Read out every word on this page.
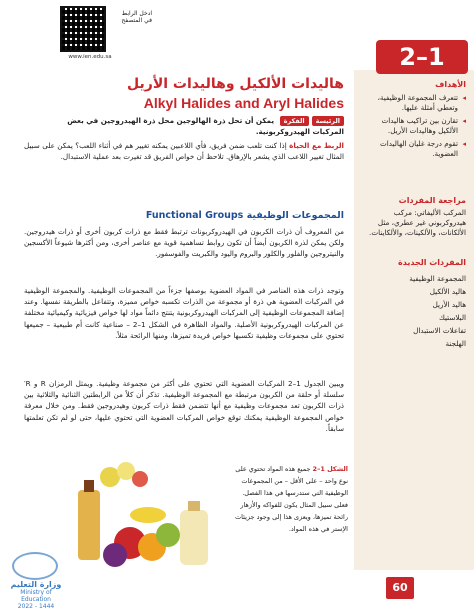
ادخل الرابط في المتصفح
www.ien.edu.sa	2–1
الأهداف
◂ تتعرف المجموعة الوظيفية، وتعطي أمثلة عليها.
◂ تقارن بين تراكيب هاليدات الألكيل وهاليدات الأريل.
◂ تقوم درجة غليان الهاليدات العضوية.
مراجعة المفردات
المركب الأليفاتي: مركب هيدروكربوني غير عطري، مثل الألكانات، والألكينات، والألكاينات.
المفردات الجديدة
المجموعة الوظيفية
هاليد الألكيل
هاليد الأريل
البلاستيك
تفاعلات الاستبدال
الهلجنة
هاليدات الألكيل وهاليدات الأريل
Alkyl Halides and Aryl Halides
الرئيسةالفكرة يمكن أن تحل ذرة الهالوجين محل ذرة الهيدروجين في بعض المركبات الهيدروكربونية.
الربط مع الحياة إذا كنت تلعب ضمن فريق، فأي اللاعبين يمكنه تغيير هم في أثناء اللعب؟ يمكن على سبيل المثال تغيير اللاعب الذي يشعر بالإرهاق. تلاحظ أن خواص الفريق قد تغيرت بعد عملية الاستبدال.
المجموعات الوظيفية Functional Groups
من المعروف أن ذرات الكربون في الهيدروكربونات ترتبط فقط مع ذرات كربون أخرى أو ذرات هيدروجين. ولكن يمكن لذرة الكربون أيضاً أن تكون روابط تساهمية قوية مع عناصر أخرى، ومن أكثرها شيوعاً الأكسجين والنيتروجين والفلور والكلور والبروم واليود والكبريت والفوسفور.
وتوجد ذرات هذه العناصر في المواد العضوية بوصفها جزءاً من المجموعات الوظيفية. والمجموعة الوظيفية في المركبات العضوية هي ذرة أو مجموعة من الذرات تكسبه خواص مميزة، وتتفاعل بالطريقة نفسها. وعند إضافة المجموعات الوظيفية إلى المركبات الهيدروكربونية يتنتج دائماً مواد لها خواص فيزيائية وكيميائية مختلفة عن المركبات الهيدروكربونية الأصلية. والمواد الظاهرة في الشكل 1–2 – صناعية كانت أم طبيعية – جميعها تحتوي على مجموعات وظيفية تكسبها خواص فريدة تميزها، ومنها الرائحة مثلاً.
ويبين الجدول 1–2 المركبات العضوية التي تحتوي على أكثر من مجموعة وظيفية. ويمثل الرمزان R و R′ سلسلة أو حلقة من الكربون مرتبطة مع المجموعة الوظيفية. تذكر أن كلاً من الرابطتين الثنائية والثلاثية بين ذرات الكربون تعد مجموعات وظيفية مع أنها تتضمن فقط ذرات كربون وهيدروجين فقط. ومن خلال معرفة خواص المجموعة الوظيفية يمكنك توقع خواص المركبات العضوية التي تحتوي عليها، حتى لو لم تكن تعلمتها سابقاً.
الشكل 1–2 جميع هذه المواد تحتوي على نوع واحد – على الأقل – من المجموعات الوظيفية التي ستدرسها في هذا الفصل. فعلى سبيل المثال يكون للفواكه والأزهار رائحة تميزها، ويعزى هذا إلى وجود جزيئات الإستر في هذه المواد.
وزارة التعليم
Ministry of Education
2022 - 1444
60
